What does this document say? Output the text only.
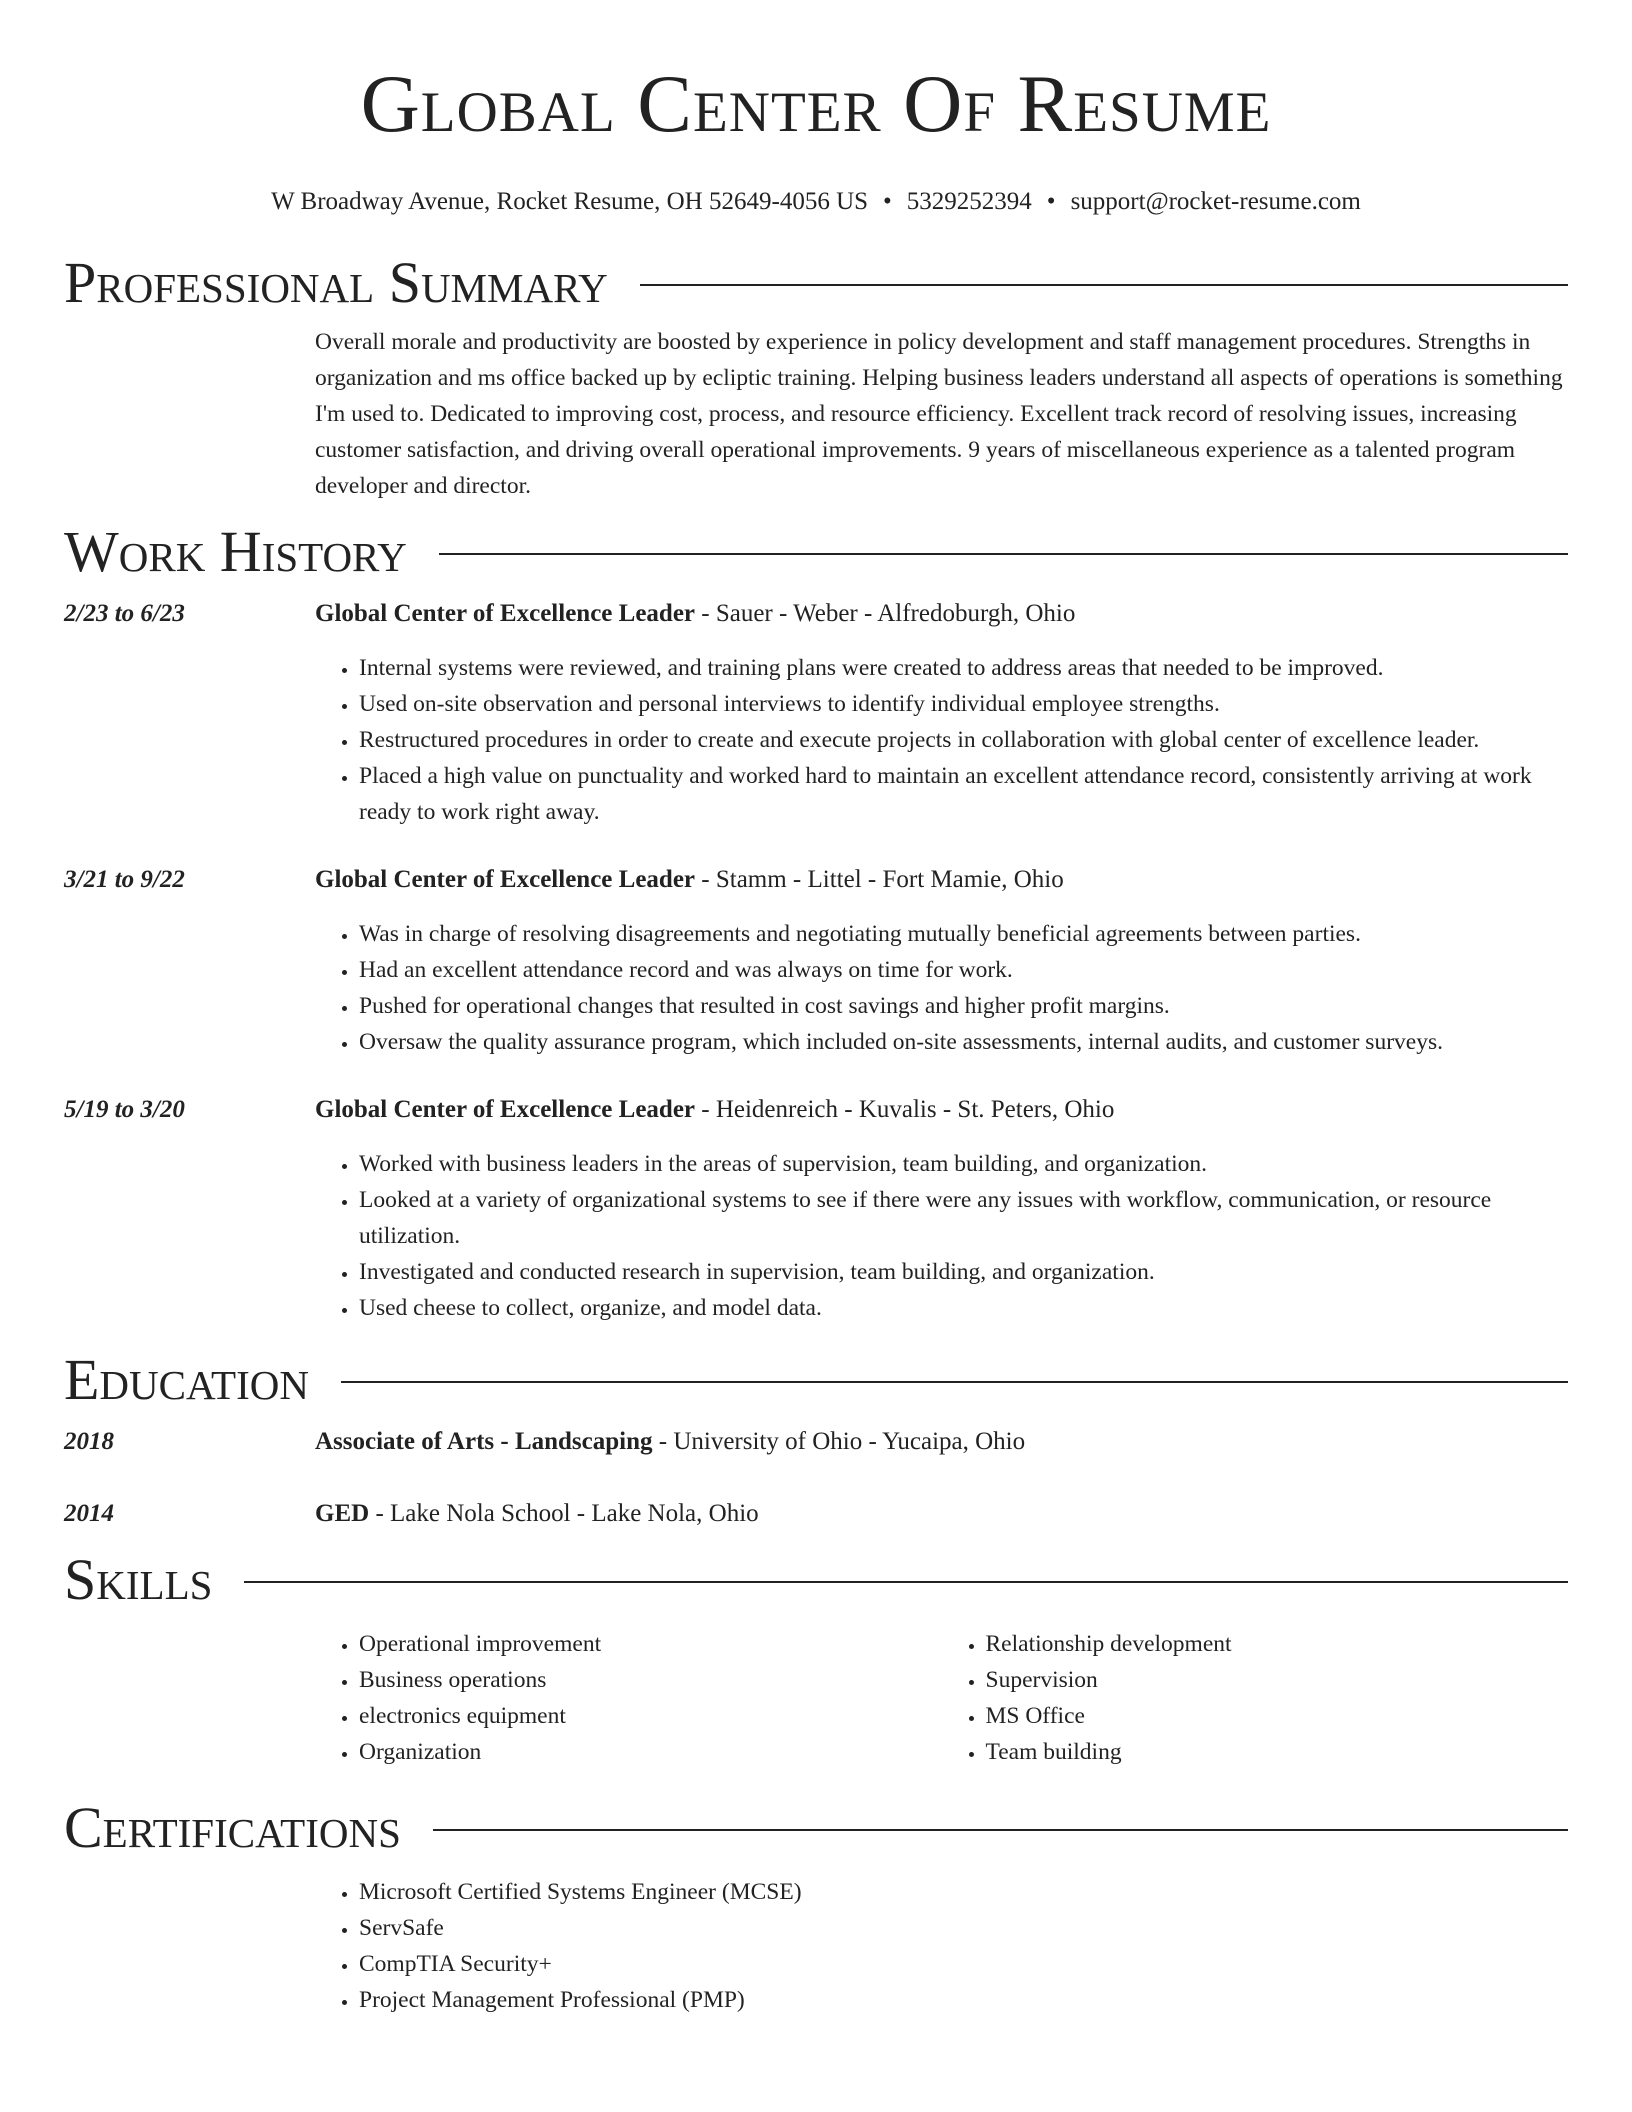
Global Center Of Resume
W Broadway Avenue, Rocket Resume, OH 52649-4056 US • 5329252394 • support@rocket-resume.com
Professional Summary
Overall morale and productivity are boosted by experience in policy development and staff management procedures. Strengths in organization and ms office backed up by ecliptic training. Helping business leaders understand all aspects of operations is something I'm used to. Dedicated to improving cost, process, and resource efficiency. Excellent track record of resolving issues, increasing customer satisfaction, and driving overall operational improvements. 9 years of miscellaneous experience as a talented program developer and director.
Work History
2/23 to 6/23	Global Center of Excellence Leader - Sauer - Weber - Alfredoburgh, Ohio
• Internal systems were reviewed, and training plans were created to address areas that needed to be improved.
• Used on-site observation and personal interviews to identify individual employee strengths.
• Restructured procedures in order to create and execute projects in collaboration with global center of excellence leader.
• Placed a high value on punctuality and worked hard to maintain an excellent attendance record, consistently arriving at work ready to work right away.
3/21 to 9/22	Global Center of Excellence Leader - Stamm - Littel - Fort Mamie, Ohio
• Was in charge of resolving disagreements and negotiating mutually beneficial agreements between parties.
• Had an excellent attendance record and was always on time for work.
• Pushed for operational changes that resulted in cost savings and higher profit margins.
• Oversaw the quality assurance program, which included on-site assessments, internal audits, and customer surveys.
5/19 to 3/20	Global Center of Excellence Leader - Heidenreich - Kuvalis - St. Peters, Ohio
• Worked with business leaders in the areas of supervision, team building, and organization.
• Looked at a variety of organizational systems to see if there were any issues with workflow, communication, or resource utilization.
• Investigated and conducted research in supervision, team building, and organization.
• Used cheese to collect, organize, and model data.
Education
2018	Associate of Arts - Landscaping - University of Ohio - Yucaipa, Ohio
2014	GED - Lake Nola School - Lake Nola, Ohio
Skills
• Operational improvement
• Business operations
• electronics equipment
• Organization
• Relationship development
• Supervision
• MS Office
• Team building
Certifications
• Microsoft Certified Systems Engineer (MCSE)
• ServSafe
• CompTIA Security+
• Project Management Professional (PMP)
